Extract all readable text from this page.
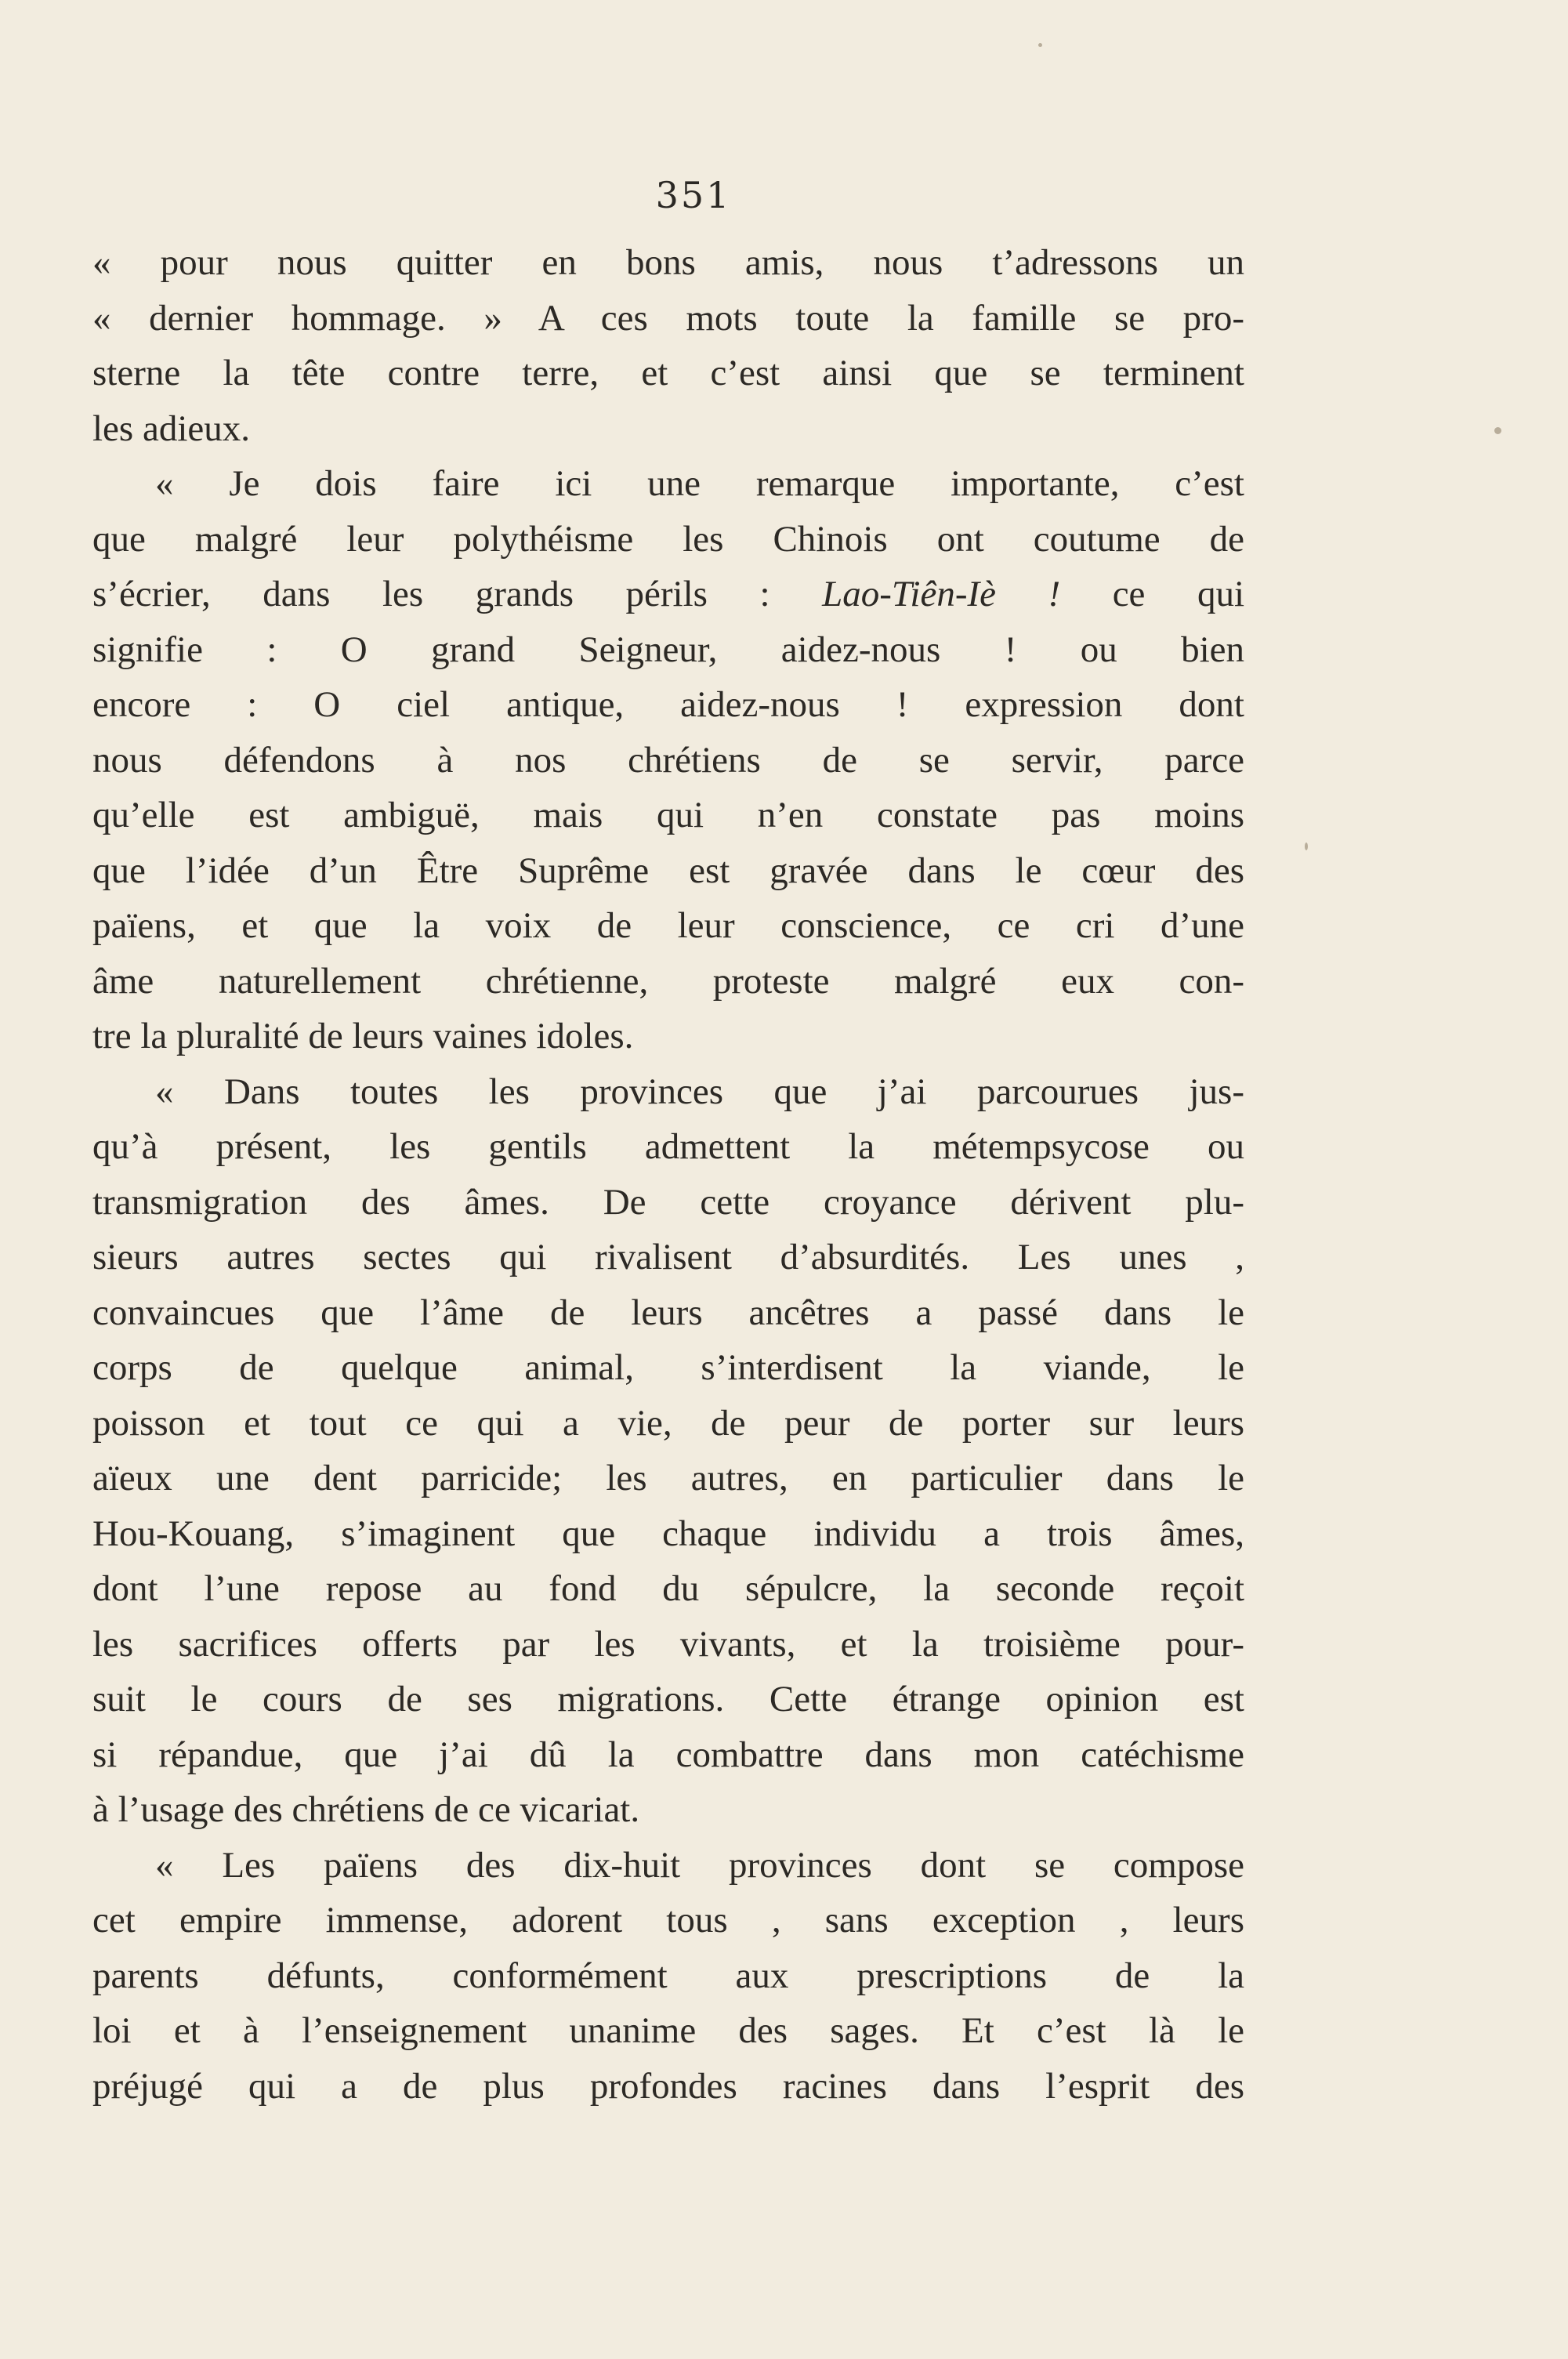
351
« pour nous quitter en bons amis, nous t’adressons un
« dernier hommage. » A ces mots toute la famille se pro-
sterne la tête contre terre, et c’est ainsi que se terminent
les adieux.
« Je dois faire ici une remarque importante, c’est
que malgré leur polythéisme les Chinois ont coutume de
s’écrier, dans les grands périls : Lao-Tiên-Iè ! ce qui
signifie : O grand Seigneur, aidez-nous ! ou bien
encore : O ciel antique, aidez-nous ! expression dont
nous défendons à nos chrétiens de se servir, parce
qu’elle est ambiguë, mais qui n’en constate pas moins
que l’idée d’un Être Suprême est gravée dans le cœur des
païens, et que la voix de leur conscience, ce cri d’une
âme naturellement chrétienne, proteste malgré eux con-
tre la pluralité de leurs vaines idoles.
« Dans toutes les provinces que j’ai parcourues jus-
qu’à présent, les gentils admettent la métempsycose ou
transmigration des âmes. De cette croyance dérivent plu-
sieurs autres sectes qui rivalisent d’absurdités. Les unes ,
convaincues que l’âme de leurs ancêtres a passé dans le
corps de quelque animal, s’interdisent la viande, le
poisson et tout ce qui a vie, de peur de porter sur leurs
aïeux une dent parricide; les autres, en particulier dans le
Hou-Kouang, s’imaginent que chaque individu a trois âmes,
dont l’une repose au fond du sépulcre, la seconde reçoit
les sacrifices offerts par les vivants, et la troisième pour-
suit le cours de ses migrations. Cette étrange opinion est
si répandue, que j’ai dû la combattre dans mon catéchisme
à l’usage des chrétiens de ce vicariat.
« Les païens des dix-huit provinces dont se compose
cet empire immense, adorent tous , sans exception , leurs
parents défunts, conformément aux prescriptions de la
loi et à l’enseignement unanime des sages. Et c’est là le
préjugé qui a de plus profondes racines dans l’esprit des
